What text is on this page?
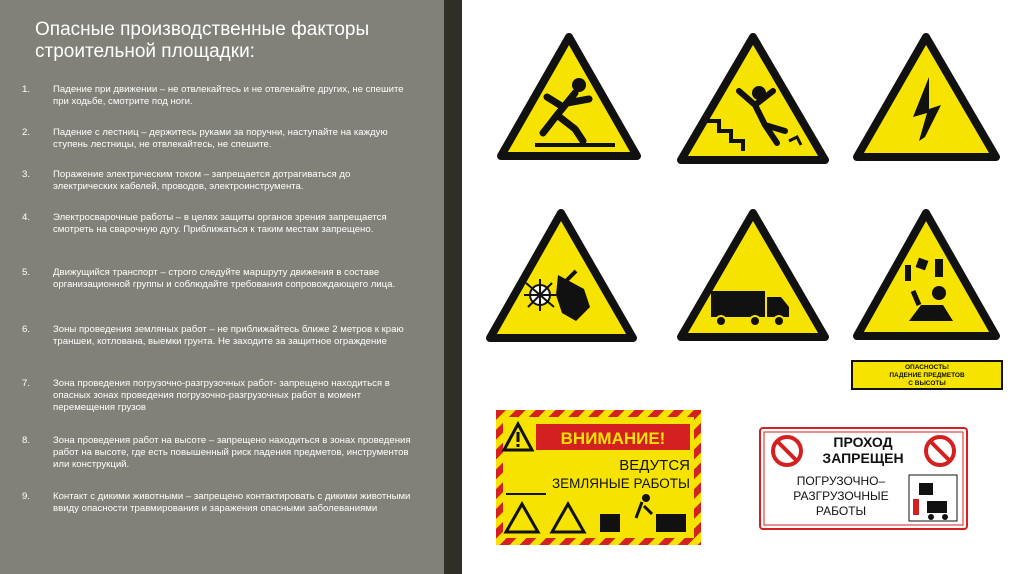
Опасные производственные факторы строительной площадки:
1.	Падение при движении – не отвлекайтесь и не отвлекайте других, не спешите при ходьбе, смотрите под ноги.
2.	Падение с лестниц – держитесь руками за поручни, наступайте на каждую ступень лестницы, не отвлекайтесь, не спешите.
3.	Поражение электрическим током – запрещается дотрагиваться до электрических кабелей, проводов, электроинструмента.
4.	Электросварочные работы – в целях защиты органов зрения запрещается смотреть на сварочную дугу. Приближаться к таким местам запрещено.
5.	Движущийся транспорт – строго следуйте маршруту движения в составе организационной группы и соблюдайте требования сопровождающего лица.
6.	Зоны проведения земляных работ – не приближайтесь ближе 2 метров к краю траншеи, котлована, выемки грунта. Не заходите за защитное ограждение
7.	Зона проведения погрузочно-разгрузочных работ- запрещено находиться в опасных зонах проведения погрузочно-разгрузочных работ в момент перемещения грузов
8.	Зона проведения работ на высоте – запрещено находиться в зонах проведения работ на высоте, где есть повышенный риск падения предметов, инструментов или конструкций.
9.	Контакт с дикими животными – запрещено контактировать с дикими животными ввиду опасности травмирования и заражения опасными заболеваниями
ОПАСНОСТЬ!
ПАДЕНИЕ ПРЕДМЕТОВ
С ВЫСОТЫ
ВНИМАНИЕ!
ВЕДУТСЯ
ЗЕМЛЯНЫЕ РАБОТЫ
ПРОХОД
ЗАПРЕЩЕН
ПОГРУЗОЧНО–
РАЗГРУЗОЧНЫЕ
РАБОТЫ
